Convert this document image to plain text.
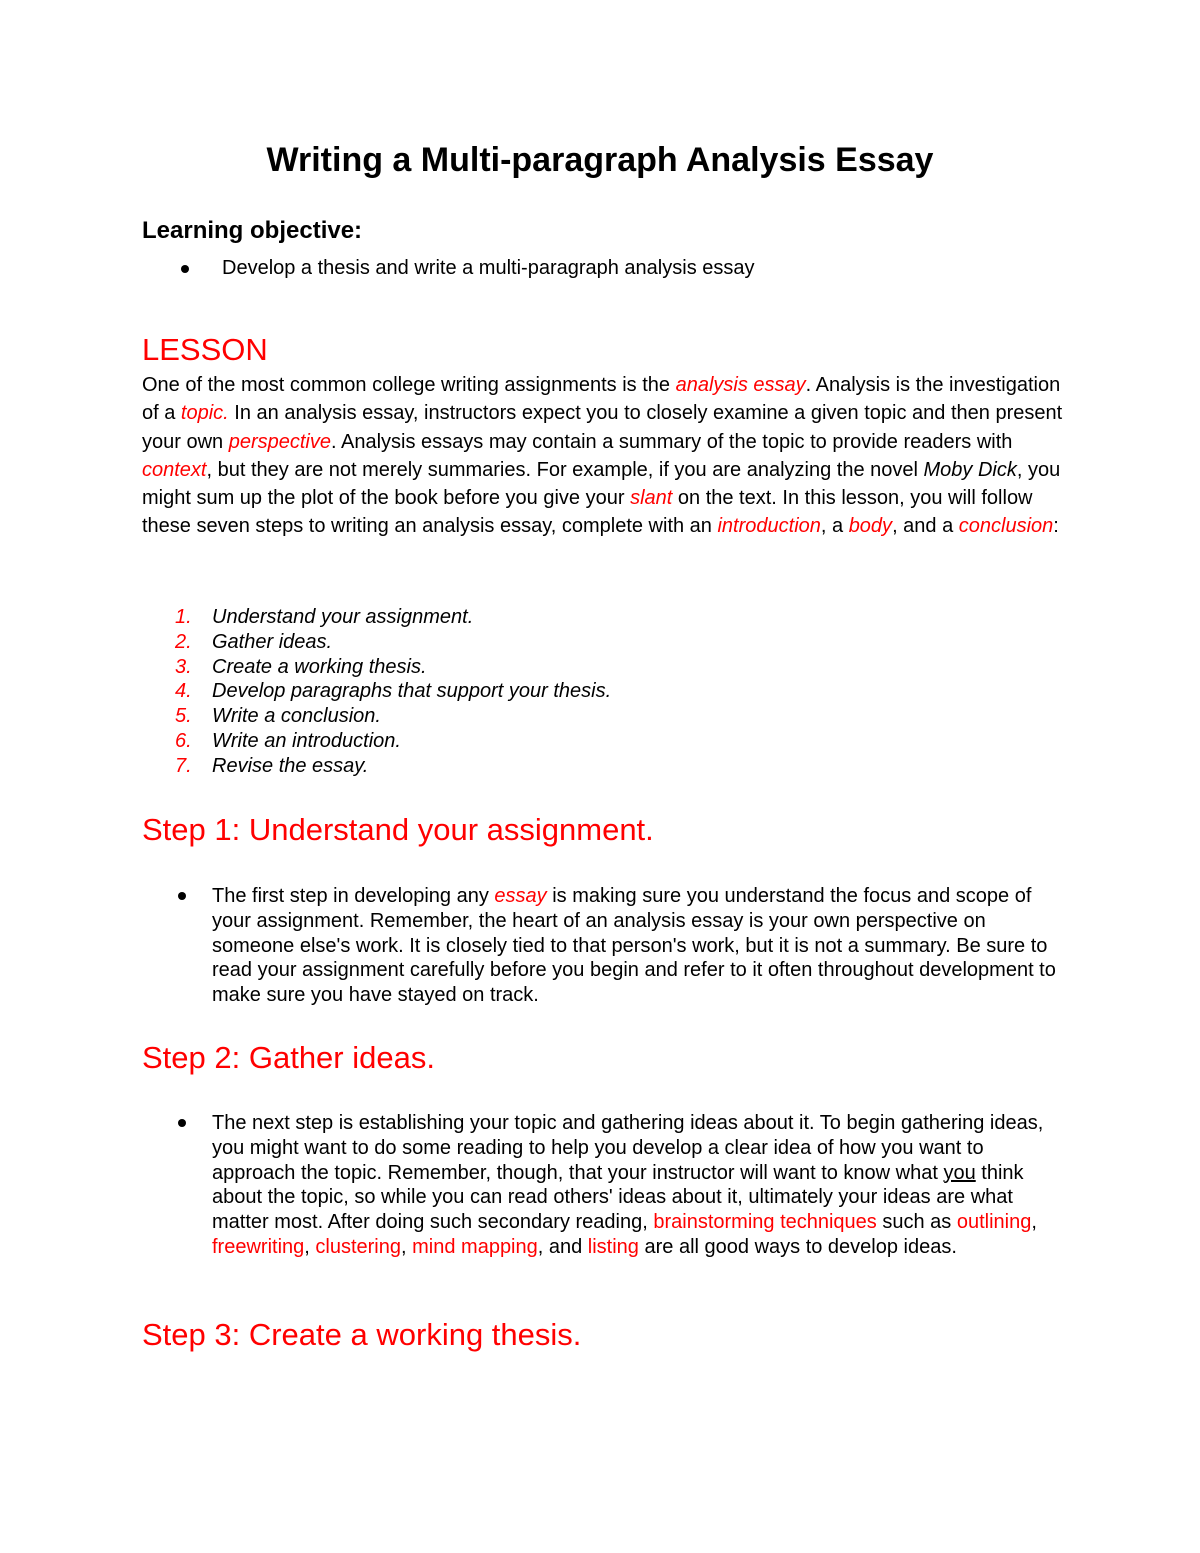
Writing a Multi-paragraph Analysis Essay
Learning objective:
Develop a thesis and write a multi-paragraph analysis essay
LESSON
One of the most common college writing assignments is the analysis essay. Analysis is the investigation of a topic. In an analysis essay, instructors expect you to closely examine a given topic and then present your own perspective. Analysis essays may contain a summary of the topic to provide readers with context, but they are not merely summaries. For example, if you are analyzing the novel Moby Dick, you might sum up the plot of the book before you give your slant on the text. In this lesson, you will follow these seven steps to writing an analysis essay, complete with an introduction, a body, and a conclusion:
1. Understand your assignment.
2. Gather ideas.
3. Create a working thesis.
4. Develop paragraphs that support your thesis.
5. Write a conclusion.
6. Write an introduction.
7. Revise the essay.
Step 1: Understand your assignment.
The first step in developing any essay is making sure you understand the focus and scope of your assignment. Remember, the heart of an analysis essay is your own perspective on someone else's work. It is closely tied to that person's work, but it is not a summary. Be sure to read your assignment carefully before you begin and refer to it often throughout development to make sure you have stayed on track.
Step 2: Gather ideas.
The next step is establishing your topic and gathering ideas about it. To begin gathering ideas, you might want to do some reading to help you develop a clear idea of how you want to approach the topic. Remember, though, that your instructor will want to know what you think about the topic, so while you can read others' ideas about it, ultimately your ideas are what matter most. After doing such secondary reading, brainstorming techniques such as outlining, freewriting, clustering, mind mapping, and listing are all good ways to develop ideas.
Step 3: Create a working thesis.
